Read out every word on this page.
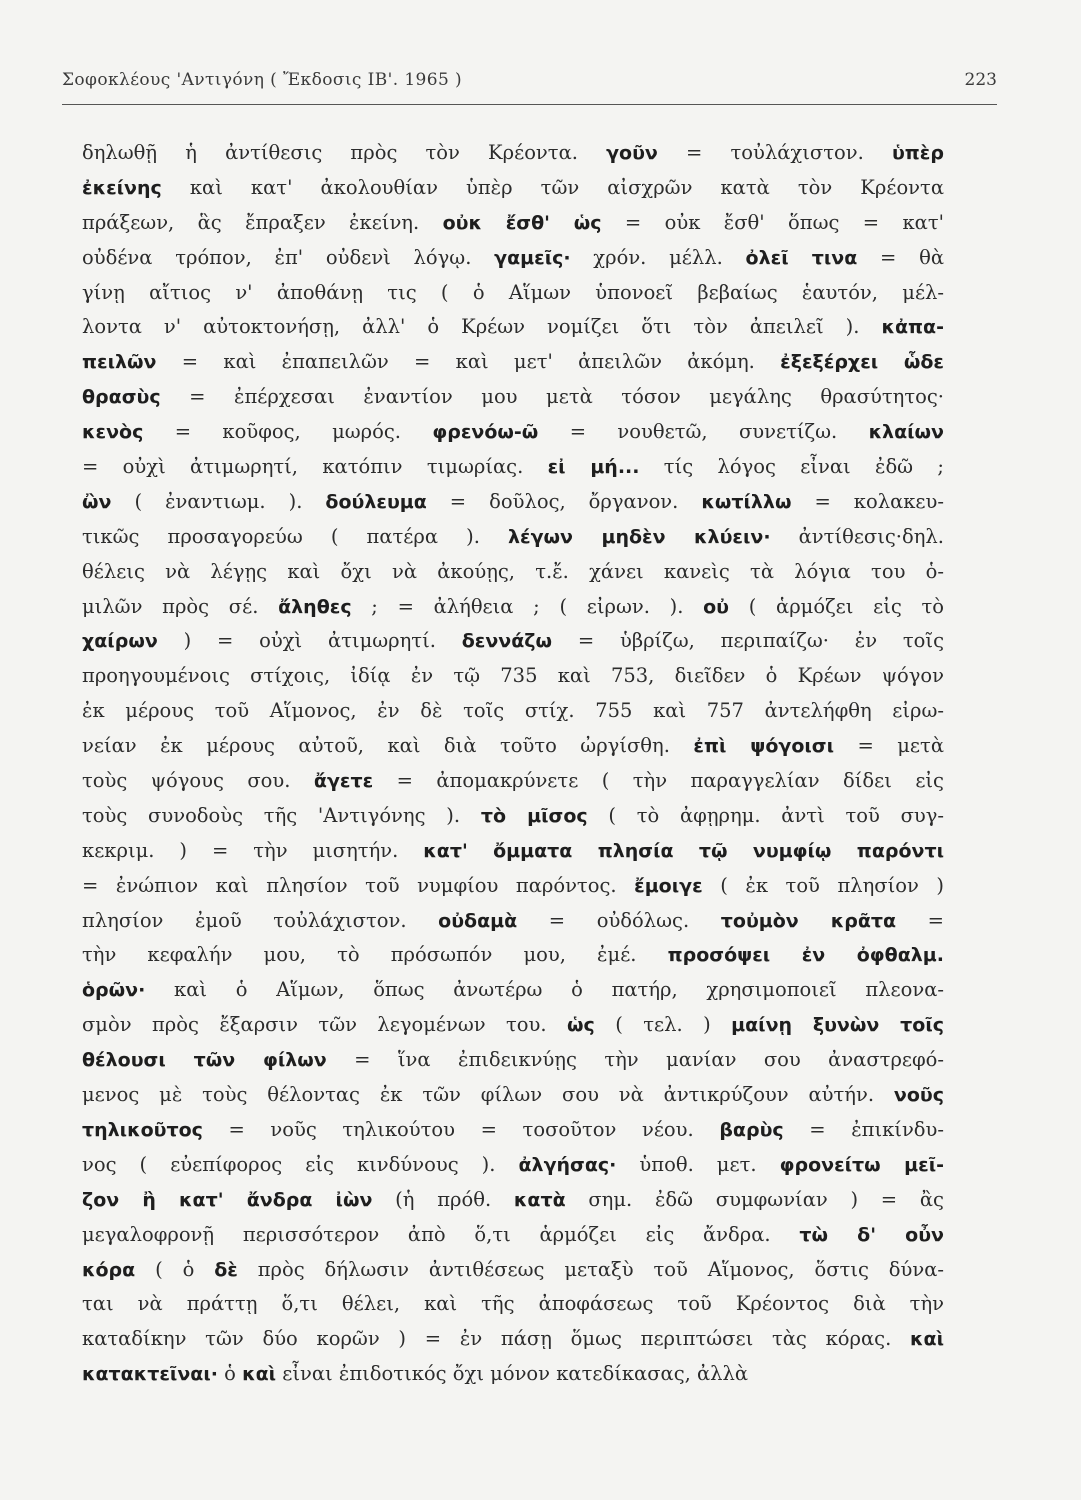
Σοφοκλέους 'Αντιγόνη ( Ἔκδοσις ΙΒ'. 1965 )	223
δηλωθῇ ἡ ἀντίθεσις πρὸς τὸν Κρέοντα. γοῦν = τοὐλάχιστον. ὑπὲρ
ἐκείνης καὶ κατ' ἀκολουθίαν ὑπὲρ τῶν αἰσχρῶν κατὰ τὸν Κρέοντα
πράξεων, ἃς ἔπραξεν ἐκείνη. οὐκ ἔσθ' ὡς = οὐκ ἔσθ' ὅπως = κατ'
οὐδένα τρόπον, ἐπ' οὐδενὶ λόγῳ. γαμεῖς· χρόν. μέλλ. ὀλεῖ τινα = θὰ
γίνῃ αἴτιος ν' ἀποθάνῃ τις ( ὁ Αἵμων ὑπονοεῖ βεβαίως ἑαυτόν, μέλ-
λοντα ν' αὐτοκτονήσῃ, ἀλλ' ὁ Κρέων νομίζει ὅτι τὸν ἀπειλεῖ ). κἀπα-
πειλῶν = καὶ ἐπαπειλῶν = καὶ μετ' ἀπειλῶν ἀκόμη. ἐξεξέρχει ὧδε
θρασὺς = ἐπέρχεσαι ἐναντίον μου μετὰ τόσον μεγάλης θρασύτητος·
κενὸς = κοῦφος, μωρός. φρενόω-ῶ = νουθετῶ, συνετίζω. κλαίων
= οὐχὶ ἀτιμωρητί, κατόπιν τιμωρίας. εἰ μή... τίς λόγος εἶναι ἐδῶ ;
ὢν ( ἐναντιωμ. ). δούλευμα = δοῦλος, ὄργανον. κωτίλλω = κολακευ-
τικῶς προσαγορεύω ( πατέρα ). λέγων μηδὲν κλύειν· ἀντίθεσις·δηλ.
θέλεις νὰ λέγῃς καὶ ὄχι νὰ ἀκούῃς, τ.ἔ. χάνει κανεὶς τὰ λόγια του ὁ-
μιλῶν πρὸς σέ. ἄληθες ; = ἀλήθεια ; ( εἰρων. ). οὐ ( ἁρμόζει εἰς τὸ
χαίρων ) = οὐχὶ ἀτιμωρητί. δεννάζω = ὑβρίζω, περιπαίζω· ἐν τοῖς
προηγουμένοις στίχοις, ἰδίᾳ ἐν τῷ 735 καὶ 753, διεῖδεν ὁ Κρέων ψόγον
ἐκ μέρους τοῦ Αἵμονος, ἐν δὲ τοῖς στίχ. 755 καὶ 757 ἀντελήφθη εἰρω-
νείαν ἐκ μέρους αὐτοῦ, καὶ διὰ τοῦτο ὠργίσθη. ἐπὶ ψόγοισι = μετὰ
τοὺς ψόγους σου. ἄγετε = ἀπομακρύνετε ( τὴν παραγγελίαν δίδει εἰς
τοὺς συνοδοὺς τῆς 'Αντιγόνης ). τὸ μῖσος ( τὸ ἀφῃρημ. ἀντὶ τοῦ συγ-
κεκριμ. ) = τὴν μισητήν. κατ' ὄμματα πλησία τῷ νυμφίῳ παρόντι
= ἐνώπιον καὶ πλησίον τοῦ νυμφίου παρόντος. ἔμοιγε ( ἐκ τοῦ πλησίον )
πλησίον ἐμοῦ τοὐλάχιστον. οὐδαμὰ = οὐδόλως. τοὐμὸν κρᾶτα =
τὴν κεφαλήν μου, τὸ πρόσωπόν μου, ἐμέ. προσόψει ἐν ὀφθαλμ.
ὁρῶν· καὶ ὁ Αἵμων, ὅπως ἀνωτέρω ὁ πατήρ, χρησιμοποιεῖ πλεονα-
σμὸν πρὸς ἔξαρσιν τῶν λεγομένων του. ὡς ( τελ. ) μαίνῃ ξυνὼν τοῖς
θέλουσι τῶν φίλων = ἵνα ἐπιδεικνύῃς τὴν μανίαν σου ἀναστρεφό-
μενος μὲ τοὺς θέλοντας ἐκ τῶν φίλων σου νὰ ἀντικρύζουν αὐτήν. νοῦς
τηλικοῦτος = νοῦς τηλικούτου = τοσοῦτον νέου. βαρὺς = ἐπικίνδυ-
νος ( εὐεπίφορος εἰς κινδύνους ). ἀλγήσας· ὑποθ. μετ. φρονείτω μεῖ-
ζον ἢ κατ' ἄνδρα ἰὼν (ἡ πρόθ. κατὰ σημ. ἐδῶ συμφωνίαν ) = ἂς
μεγαλοφρονῇ περισσότερον ἀπὸ ὅ,τι ἁρμόζει εἰς ἄνδρα. τὼ δ' οὖν
κόρα ( ὁ δὲ πρὸς δήλωσιν ἀντιθέσεως μεταξὺ τοῦ Αἵμονος, ὅστις δύνα-
ται νὰ πράττῃ ὅ,τι θέλει, καὶ τῆς ἀποφάσεως τοῦ Κρέοντος διὰ τὴν
καταδίκην τῶν δύο κορῶν ) = ἐν πάσῃ ὅμως περιπτώσει τὰς κόρας. καὶ
κατακτεῖναι· ὁ καὶ εἶναι ἐπιδοτικός ὄχι μόνον κατεδίκασας, ἀλλὰ
